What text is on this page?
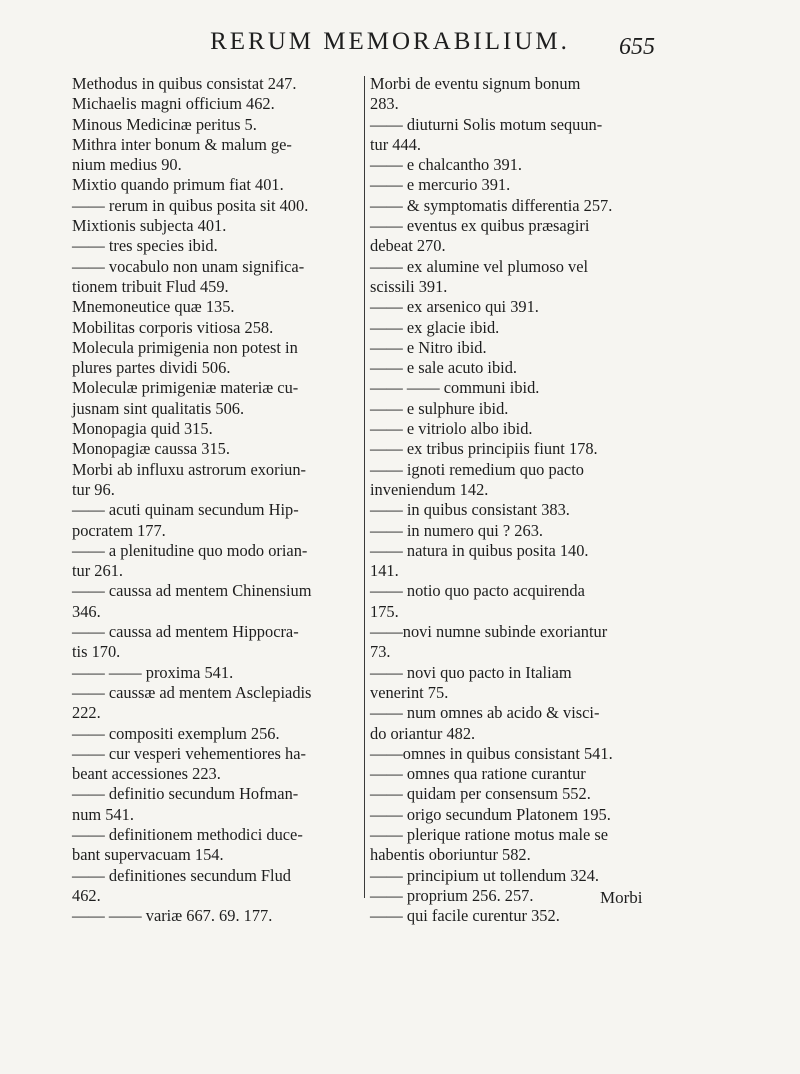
RERUM MEMORABILIUM.	655
Methodus in quibus consistat 247.
Michaelis magni officium 462.
Minous Medicinæ peritus 5.
Mithra inter bonum & malum ge-
nium medius 90.
Mixtio quando primum fiat 401.
—— rerum in quibus posita sit 400.
Mixtionis subjecta 401.
—— tres species ibid.
—— vocabulo non unam significa-
tionem tribuit Flud 459.
Mnemoneutice quæ 135.
Mobilitas corporis vitiosa 258.
Molecula primigenia non potest in
plures partes dividi 506.
Moleculæ primigeniæ materiæ cu-
jusnam sint qualitatis 506.
Monopagia quid 315.
Monopagiæ caussa 315.
Morbi ab influxu astrorum exoriun-
tur 96.
—— acuti quinam secundum Hip-
pocratem 177.
—— a plenitudine quo modo orian-
tur 261.
—— caussa ad mentem Chinensium
346.
—— caussa ad mentem Hippocra-
tis 170.
—— —— proxima 541.
—— caussæ ad mentem Asclepiadis
222.
—— compositi exemplum 256.
—— cur vesperi vehementiores ha-
beant accessiones 223.
—— definitio secundum Hofman-
num 541.
—— definitionem methodici duce-
bant supervacuam 154.
—— definitiones secundum Flud
462.
—— —— variæ 667. 69. 177.
Morbi de eventu signum bonum
283.
—— diuturni Solis motum sequun-
tur 444.
—— e chalcantho 391.
—— e mercurio 391.
—— & symptomatis differentia 257.
—— eventus ex quibus præsagiri
debeat 270.
—— ex alumine vel plumoso vel
scissili 391.
—— ex arsenico qui 391.
—— ex glacie ibid.
—— e Nitro ibid.
—— e sale acuto ibid.
—— —— communi ibid.
—— e sulphure ibid.
—— e vitriolo albo ibid.
—— ex tribus principiis fiunt 178.
—— ignoti remedium quo pacto
inveniendum 142.
—— in quibus consistant 383.
—— in numero qui ? 263.
—— natura in quibus posita 140.
141.
—— notio quo pacto acquirenda
175.
——novi numne subinde exoriantur
73.
—— novi quo pacto in Italiam
venerint 75.
—— num omnes ab acido & visci-
do oriantur 482.
——omnes in quibus consistant 541.
—— omnes qua ratione curantur
—— quidam per consensum 552.
—— origo secundum Platonem 195.
—— plerique ratione motus male se
habentis oboriuntur 582.
—— principium ut tollendum 324.
—— proprium 256. 257.
—— qui facile curentur 352.
Morbi
